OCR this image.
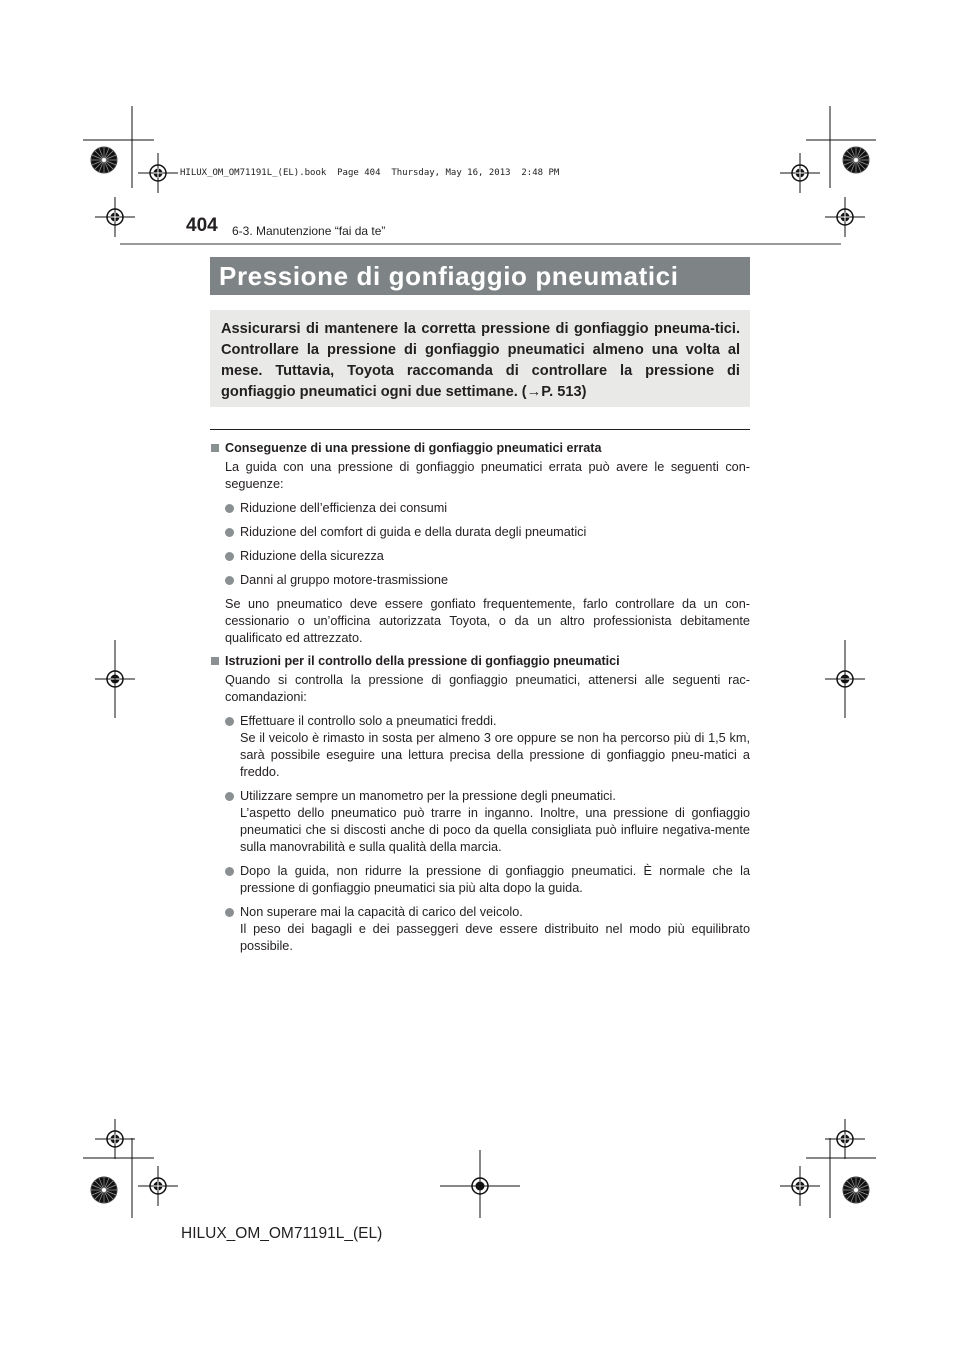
HILUX_OM_OM71191L_(EL).book  Page 404  Thursday, May 16, 2013  2:48 PM
404 6-3. Manutenzione “fai da te”
Pressione di gonfiaggio pneumatici

Assicurarsi di mantenere la corretta pressione di gonfiaggio pneuma-tici. Controllare la pressione di gonfiaggio pneumatici almeno una volta al mese. Tuttavia, Toyota raccomanda di controllare la pressione di gonfiaggio pneumatici ogni due settimane. (→P. 513)

Conseguenze di una pressione di gonfiaggio pneumatici errata

La guida con una pressione di gonfiaggio pneumatici errata può avere le seguenti con-seguenze:

Riduzione dell’efficienza dei consumi
Riduzione del comfort di guida e della durata degli pneumatici
Riduzione della sicurezza
Danni al gruppo motore-trasmissione

Se uno pneumatico deve essere gonfiato frequentemente, farlo controllare da un con-cessionario o un’officina autorizzata Toyota, o da un altro professionista debitamente qualificato ed attrezzato.

Istruzioni per il controllo della pressione di gonfiaggio pneumatici

Quando si controlla la pressione di gonfiaggio pneumatici, attenersi alle seguenti rac-comandazioni:

Effettuare il controllo solo a pneumatici freddi.

Se il veicolo è rimasto in sosta per almeno 3 ore oppure se non ha percorso più di 1,5 km, sarà possibile eseguire una lettura precisa della pressione di gonfiaggio pneu-matici a freddo.

Utilizzare sempre un manometro per la pressione degli pneumatici.

L’aspetto dello pneumatico può trarre in inganno. Inoltre, una pressione di gonfiaggio pneumatici che si discosti anche di poco da quella consigliata può influire negativa-mente sulla manovrabilità e sulla qualità della marcia.

Dopo la guida, non ridurre la pressione di gonfiaggio pneumatici. È normale che la pressione di gonfiaggio pneumatici sia più alta dopo la guida.

Non superare mai la capacità di carico del veicolo.

Il peso dei bagagli e dei passeggeri deve essere distribuito nel modo più equilibrato possibile.

HILUX_OM_OM71191L_(EL)
